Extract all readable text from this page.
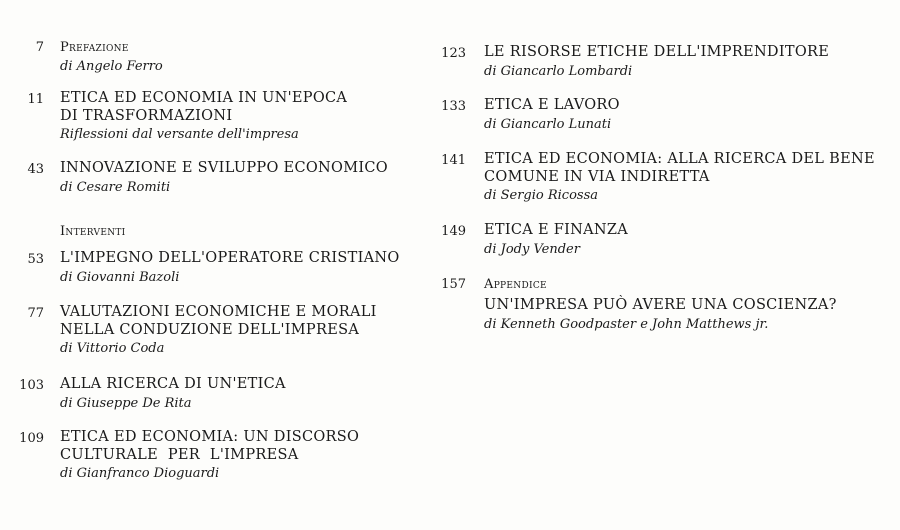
7 Prefazione
di Angelo Ferro
11 ETICA ED ECONOMIA IN UN'EPOCA
DI TRASFORMAZIONI
Riflessioni dal versante dell'impresa
43 INNOVAZIONE E SVILUPPO ECONOMICO
di Cesare Romiti
Interventi
53 L'IMPEGNO DELL'OPERATORE CRISTIANO
di Giovanni Bazoli
77 VALUTAZIONI ECONOMICHE E MORALI
NELLA CONDUZIONE DELL'IMPRESA
di Vittorio Coda
103 ALLA RICERCA DI UN'ETICA
di Giuseppe De Rita
109 ETICA ED ECONOMIA: UN DISCORSO
CULTURALE PER L'IMPRESA
di Gianfranco Dioguardi
123 LE RISORSE ETICHE DELL'IMPRENDITORE
di Giancarlo Lombardi
133 ETICA E LAVORO
di Giancarlo Lunati
141 ETICA ED ECONOMIA: ALLA RICERCA DEL BENE
COMUNE IN VIA INDIRETTA
di Sergio Ricossa
149 ETICA E FINANZA
di Jody Vender
157 Appendice
UN'IMPRESA PUÒ AVERE UNA COSCIENZA?
di Kenneth Goodpaster e John Matthews jr.
